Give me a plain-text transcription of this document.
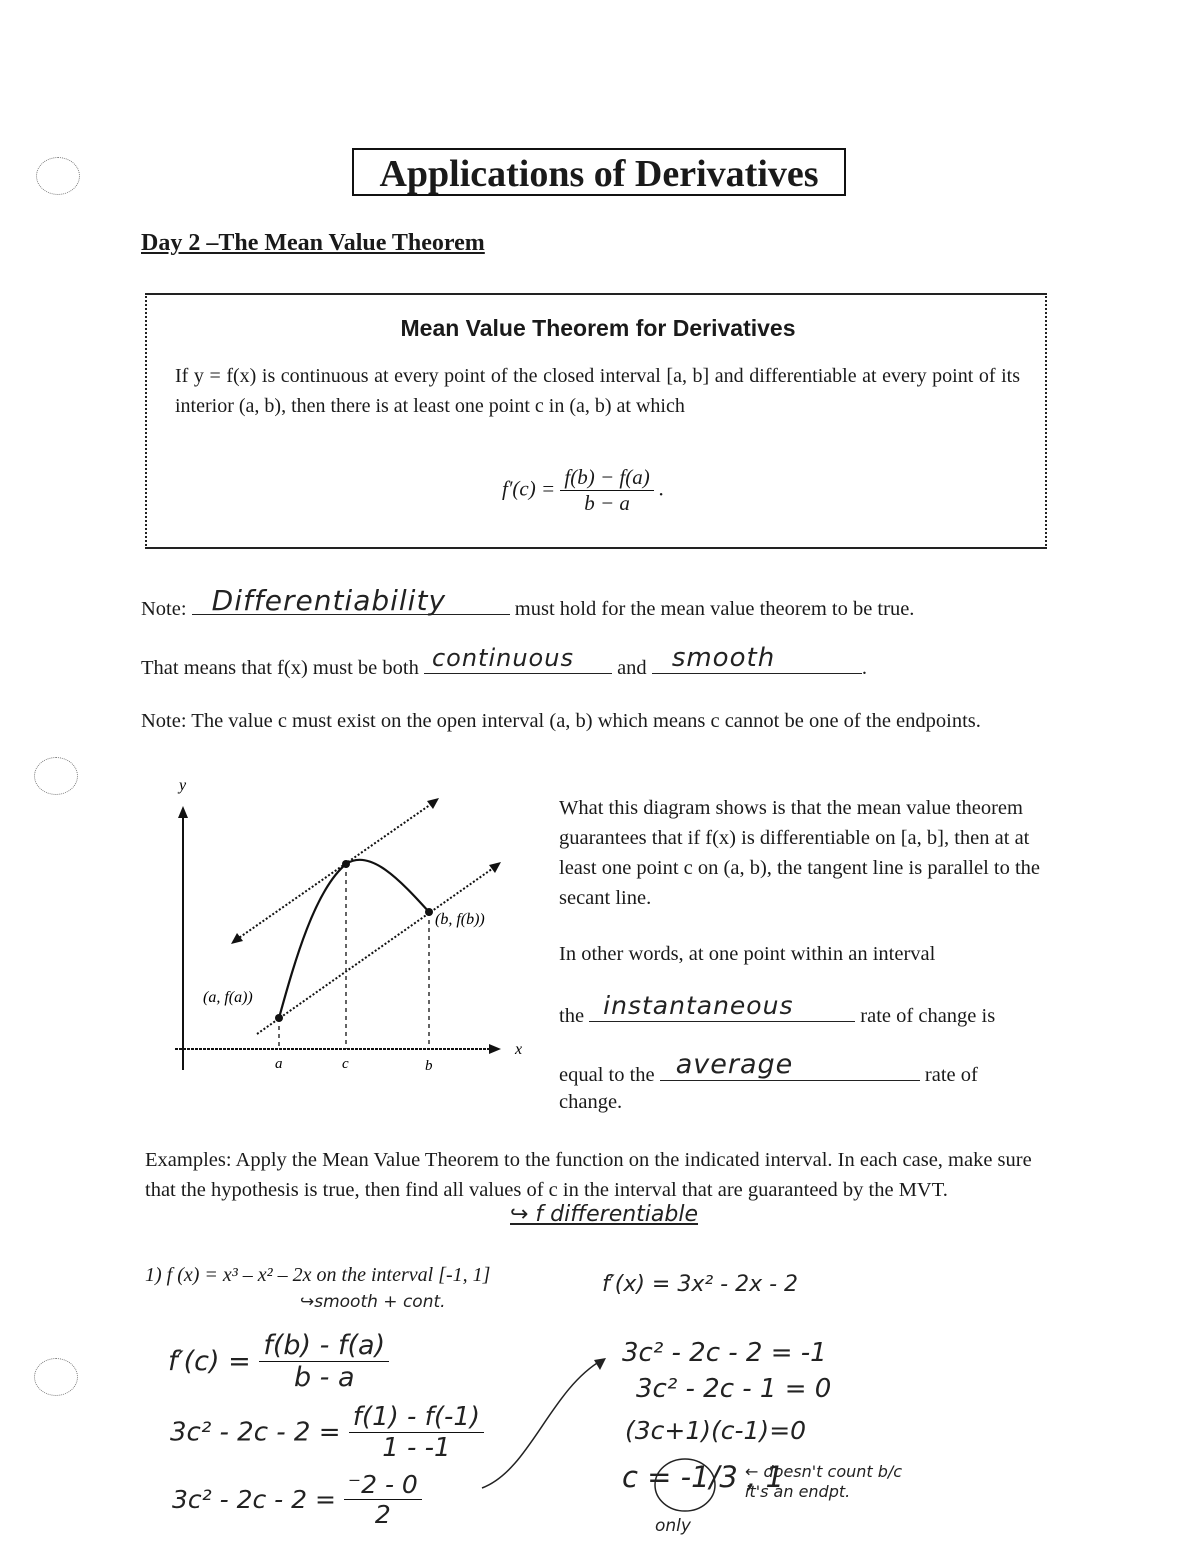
Applications of Derivatives
Day 2 –The Mean Value Theorem
Mean Value Theorem for Derivatives
If y = f(x) is continuous at every point of the closed interval [a, b] and differentiable at every point of its interior (a, b), then there is at least one point c in (a, b) at which
$f'(c) = \frac{f(b) - f(a)}{b - a}$ .
Note: Differentiability	must hold for the mean value theorem to be true.
That means that f(x) must be both continuous and smooth	.
Note: The value c must exist on the open interval (a, b) which means c cannot be one of the endpoints.
y
x
(a, f(a))
(b, f(b))
a	c	b
What this diagram shows is that the mean value theorem guarantees that if f(x) is differentiable on [a, b], then at at least one point c on (a, b), the tangent line is parallel to the secant line.
In other words, at one point within an interval
the instantaneous	rate of change is
equal to the average	rate of
change.
Examples: Apply the Mean Value Theorem to the function on the indicated interval. In each case, make sure that the hypothesis is true, then find all values of c in the interval that are guaranteed by the MVT.
↪ f differentiable
1) f (x) = x³ – x² – 2x on the interval [-1, 1]
↪smooth + cont.
f′(x) = 3x² - 2x - 2
$f'(c) = \frac{f(b) - f(a)}{b - a}$
$3c^2 - 2c - 2 = \frac{f(1) - f(-1)}{1 - -1}$
$3c^2 - 2c - 2 = \frac{^-2 - 0}{2}$
3c² - 2c - 2 = -1
3c² - 2c - 1 = 0
(3c+1)(c-1)=0
c = -1/3 , 1
only
← doesn't count b/c it's an endpt.
